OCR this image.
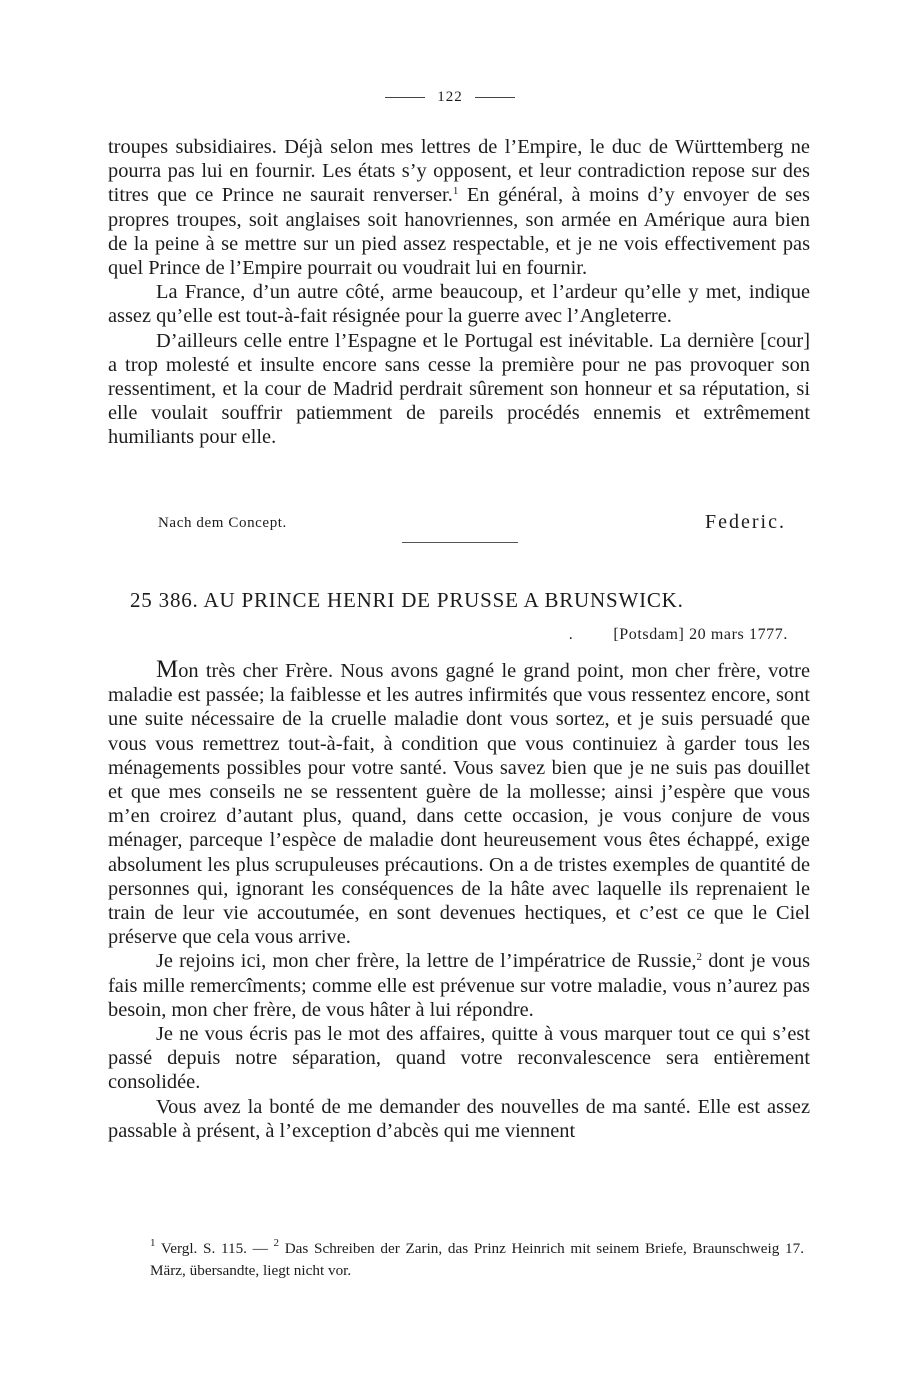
122

troupes subsidiaires. Déjà selon mes lettres de l’Empire, le duc de Württemberg ne pourra pas lui en fournir. Les états s’y opposent, et leur contradiction repose sur des titres que ce Prince ne saurait renverser.$^1$ En général, à moins d’y envoyer de ses propres troupes, soit anglaises soit hanovriennes, son armée en Amérique aura bien de la peine à se mettre sur un pied assez respectable, et je ne vois effectivement pas quel Prince de l’Empire pourrait ou voudrait lui en fournir.

La France, d’un autre côté, arme beaucoup, et l’ardeur qu’elle y met, indique assez qu’elle est tout-à-fait résignée pour la guerre avec l’Angleterre.

D’ailleurs celle entre l’Espagne et le Portugal est inévitable. La dernière [cour] a trop molesté et insulte encore sans cesse la première pour ne pas provoquer son ressentiment, et la cour de Madrid perdrait sûrement son honneur et sa réputation, si elle voulait souffrir patiemment de pareils procédés ennemis et extrêmement humiliants pour elle.

Nach dem Concept.	Federic.
25 386. AU PRINCE HENRI DE PRUSSE A BRUNSWICK.
.	[Potsdam] 20 mars 1777.

Mon très cher Frère. Nous avons gagné le grand point, mon cher frère, votre maladie est passée; la faiblesse et les autres infirmités que vous ressentez encore, sont une suite nécessaire de la cruelle maladie dont vous sortez, et je suis persuadé que vous vous remettrez tout-à-fait, à condition que vous continuiez à garder tous les ménagements possibles pour votre santé. Vous savez bien que je ne suis pas douillet et que mes conseils ne se ressentent guère de la mollesse; ainsi j’espère que vous m’en croirez d’autant plus, quand, dans cette occasion, je vous conjure de vous ménager, parceque l’espèce de maladie dont heureusement vous êtes échappé, exige absolument les plus scrupuleuses précautions. On a de tristes exemples de quantité de personnes qui, ignorant les conséquences de la hâte avec laquelle ils reprenaient le train de leur vie accoutumée, en sont devenues hectiques, et c’est ce que le Ciel préserve que cela vous arrive.

Je rejoins ici, mon cher frère, la lettre de l’impératrice de Russie,$^2$ dont je vous fais mille remercîments; comme elle est prévenue sur votre maladie, vous n’aurez pas besoin, mon cher frère, de vous hâter à lui répondre.

Je ne vous écris pas le mot des affaires, quitte à vous marquer tout ce qui s’est passé depuis notre séparation, quand votre reconvalescence sera entièrement consolidée.

Vous avez la bonté de me demander des nouvelles de ma santé. Elle est assez passable à présent, à l’exception d’abcès qui me viennent

$^1$ Vergl. S. 115. — $^2$ Das Schreiben der Zarin, das Prinz Heinrich mit seinem Briefe, Braunschweig 17. März, übersandte, liegt nicht vor.
